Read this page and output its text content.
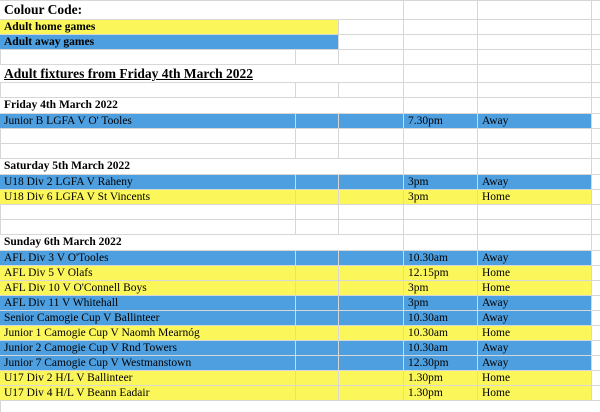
Colour Code:
Adult home games
Adult away games
Adult fixtures from Friday 4th March 2022
Friday 4th March 2022
Junior B LGFA V O' Tooles	7.30pm	Away
Saturday 5th March 2022
U18 Div 2 LGFA V Raheny	3pm	Away
U18 Div 6 LGFA V St Vincents	3pm	Home
Sunday 6th March 2022
AFL Div 3 V O'Tooles	10.30am	Away
AFL Div 5 V Olafs	12.15pm	Home
AFL Div 10 V O'Connell Boys	3pm	Home
AFL Div 11 V Whitehall	3pm	Away
Senior Camogie Cup V Ballinteer	10.30am	Away
Junior 1 Camogie Cup V Naomh Mearnóg	10.30am	Home
Junior 2 Camogie Cup V Rnd Towers	10.30am	Away
Junior 7 Camogie Cup V Westmanstown	12.30pm	Away
U17 Div 2 H/L V Ballinteer	1.30pm	Home
U17 Div 4 H/L V Beann Eadair	1.30pm	Home
